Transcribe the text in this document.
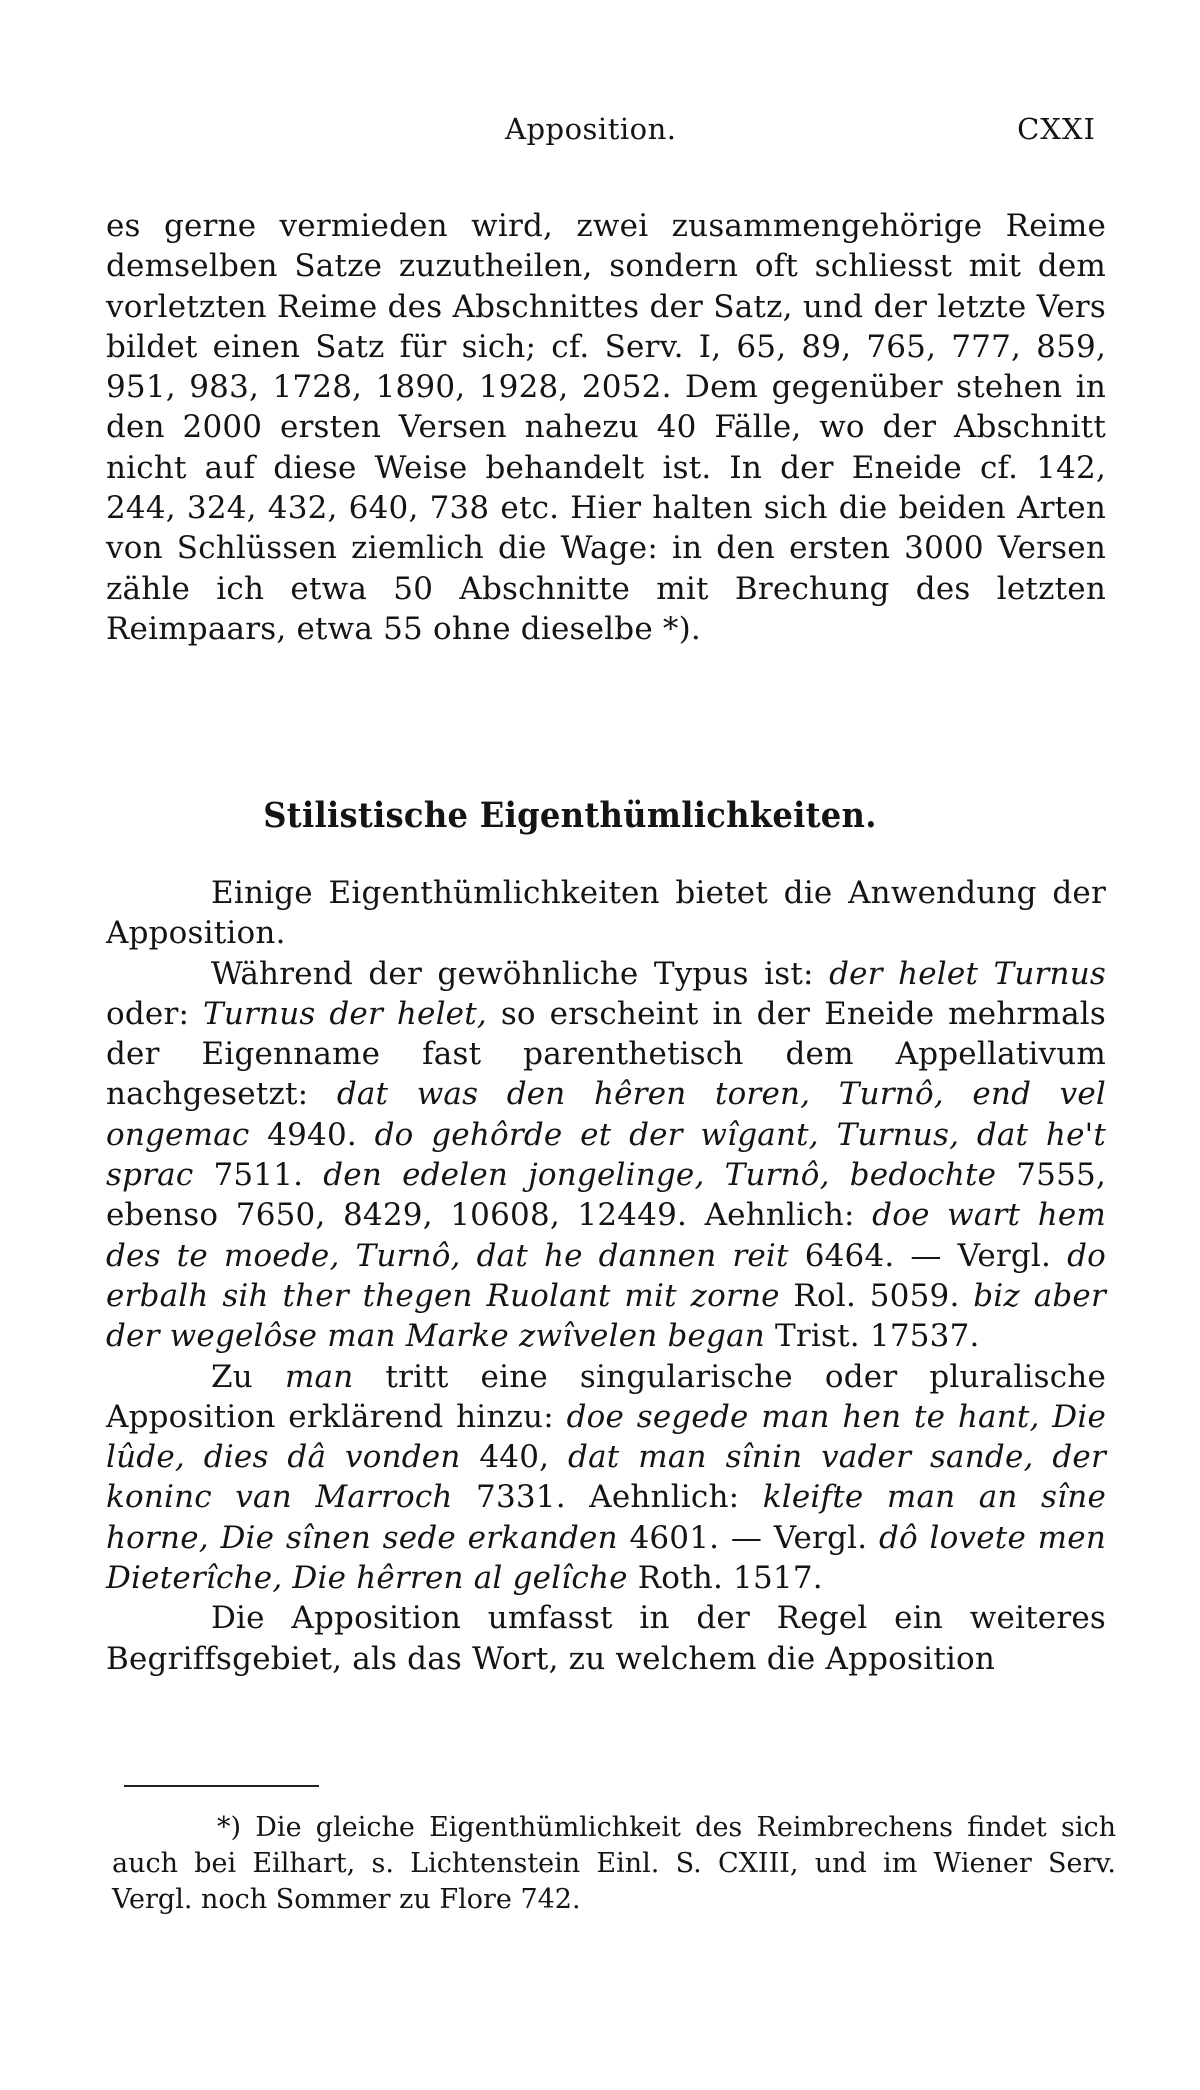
Apposition.	CXXI

es gerne vermieden wird, zwei zusammengehörige Reime demselben Satze zuzutheilen, sondern oft schliesst mit dem vorletzten Reime des Abschnittes der Satz, und der letzte Vers bildet einen Satz für sich; cf. Serv. I, 65, 89, 765, 777, 859, 951, 983, 1728, 1890, 1928, 2052. Dem gegenüber stehen in den 2000 ersten Versen nahezu 40 Fälle, wo der Abschnitt nicht auf diese Weise behandelt ist. In der Eneide cf. 142, 244, 324, 432, 640, 738 etc. Hier halten sich die beiden Arten von Schlüssen ziemlich die Wage: in den ersten 3000 Versen zähle ich etwa 50 Abschnitte mit Brechung des letzten Reimpaars, etwa 55 ohne dieselbe *).

Stilistische Eigenthümlichkeiten.

Einige Eigenthümlichkeiten bietet die Anwendung der Apposition.

Während der gewöhnliche Typus ist: der helet Turnus oder: Turnus der helet, so erscheint in der Eneide mehrmals der Eigenname fast parenthetisch dem Appellativum nachgesetzt: dat was den hêren toren, Turnô, end vel ongemac 4940. do gehôrde et der wîgant, Turnus, dat he't sprac 7511. den edelen jongelinge, Turnô, bedochte 7555, ebenso 7650, 8429, 10608, 12449. Aehnlich: doe wart hem des te moede, Turnô, dat he dannen reit 6464. — Vergl. do erbalh sih ther thegen Ruolant mit zorne Rol. 5059. biz aber der wegelôse man Marke zwîvelen began Trist. 17537.

Zu man tritt eine singularische oder pluralische Apposition erklärend hinzu: doe segede man hen te hant, Die lûde, dies dâ vonden 440, dat man sînin vader sande, der koninc van Marroch 7331. Aehnlich: kleifte man an sîne horne, Die sînen sede erkanden 4601. — Vergl. dô lovete men Dieterîche, Die hêrren al gelîche Roth. 1517.

Die Apposition umfasst in der Regel ein weiteres Begriffsgebiet, als das Wort, zu welchem die Apposition

*) Die gleiche Eigenthümlichkeit des Reimbrechens findet sich auch bei Eilhart, s. Lichtenstein Einl. S. CXIII, und im Wiener Serv. Vergl. noch Sommer zu Flore 742.
